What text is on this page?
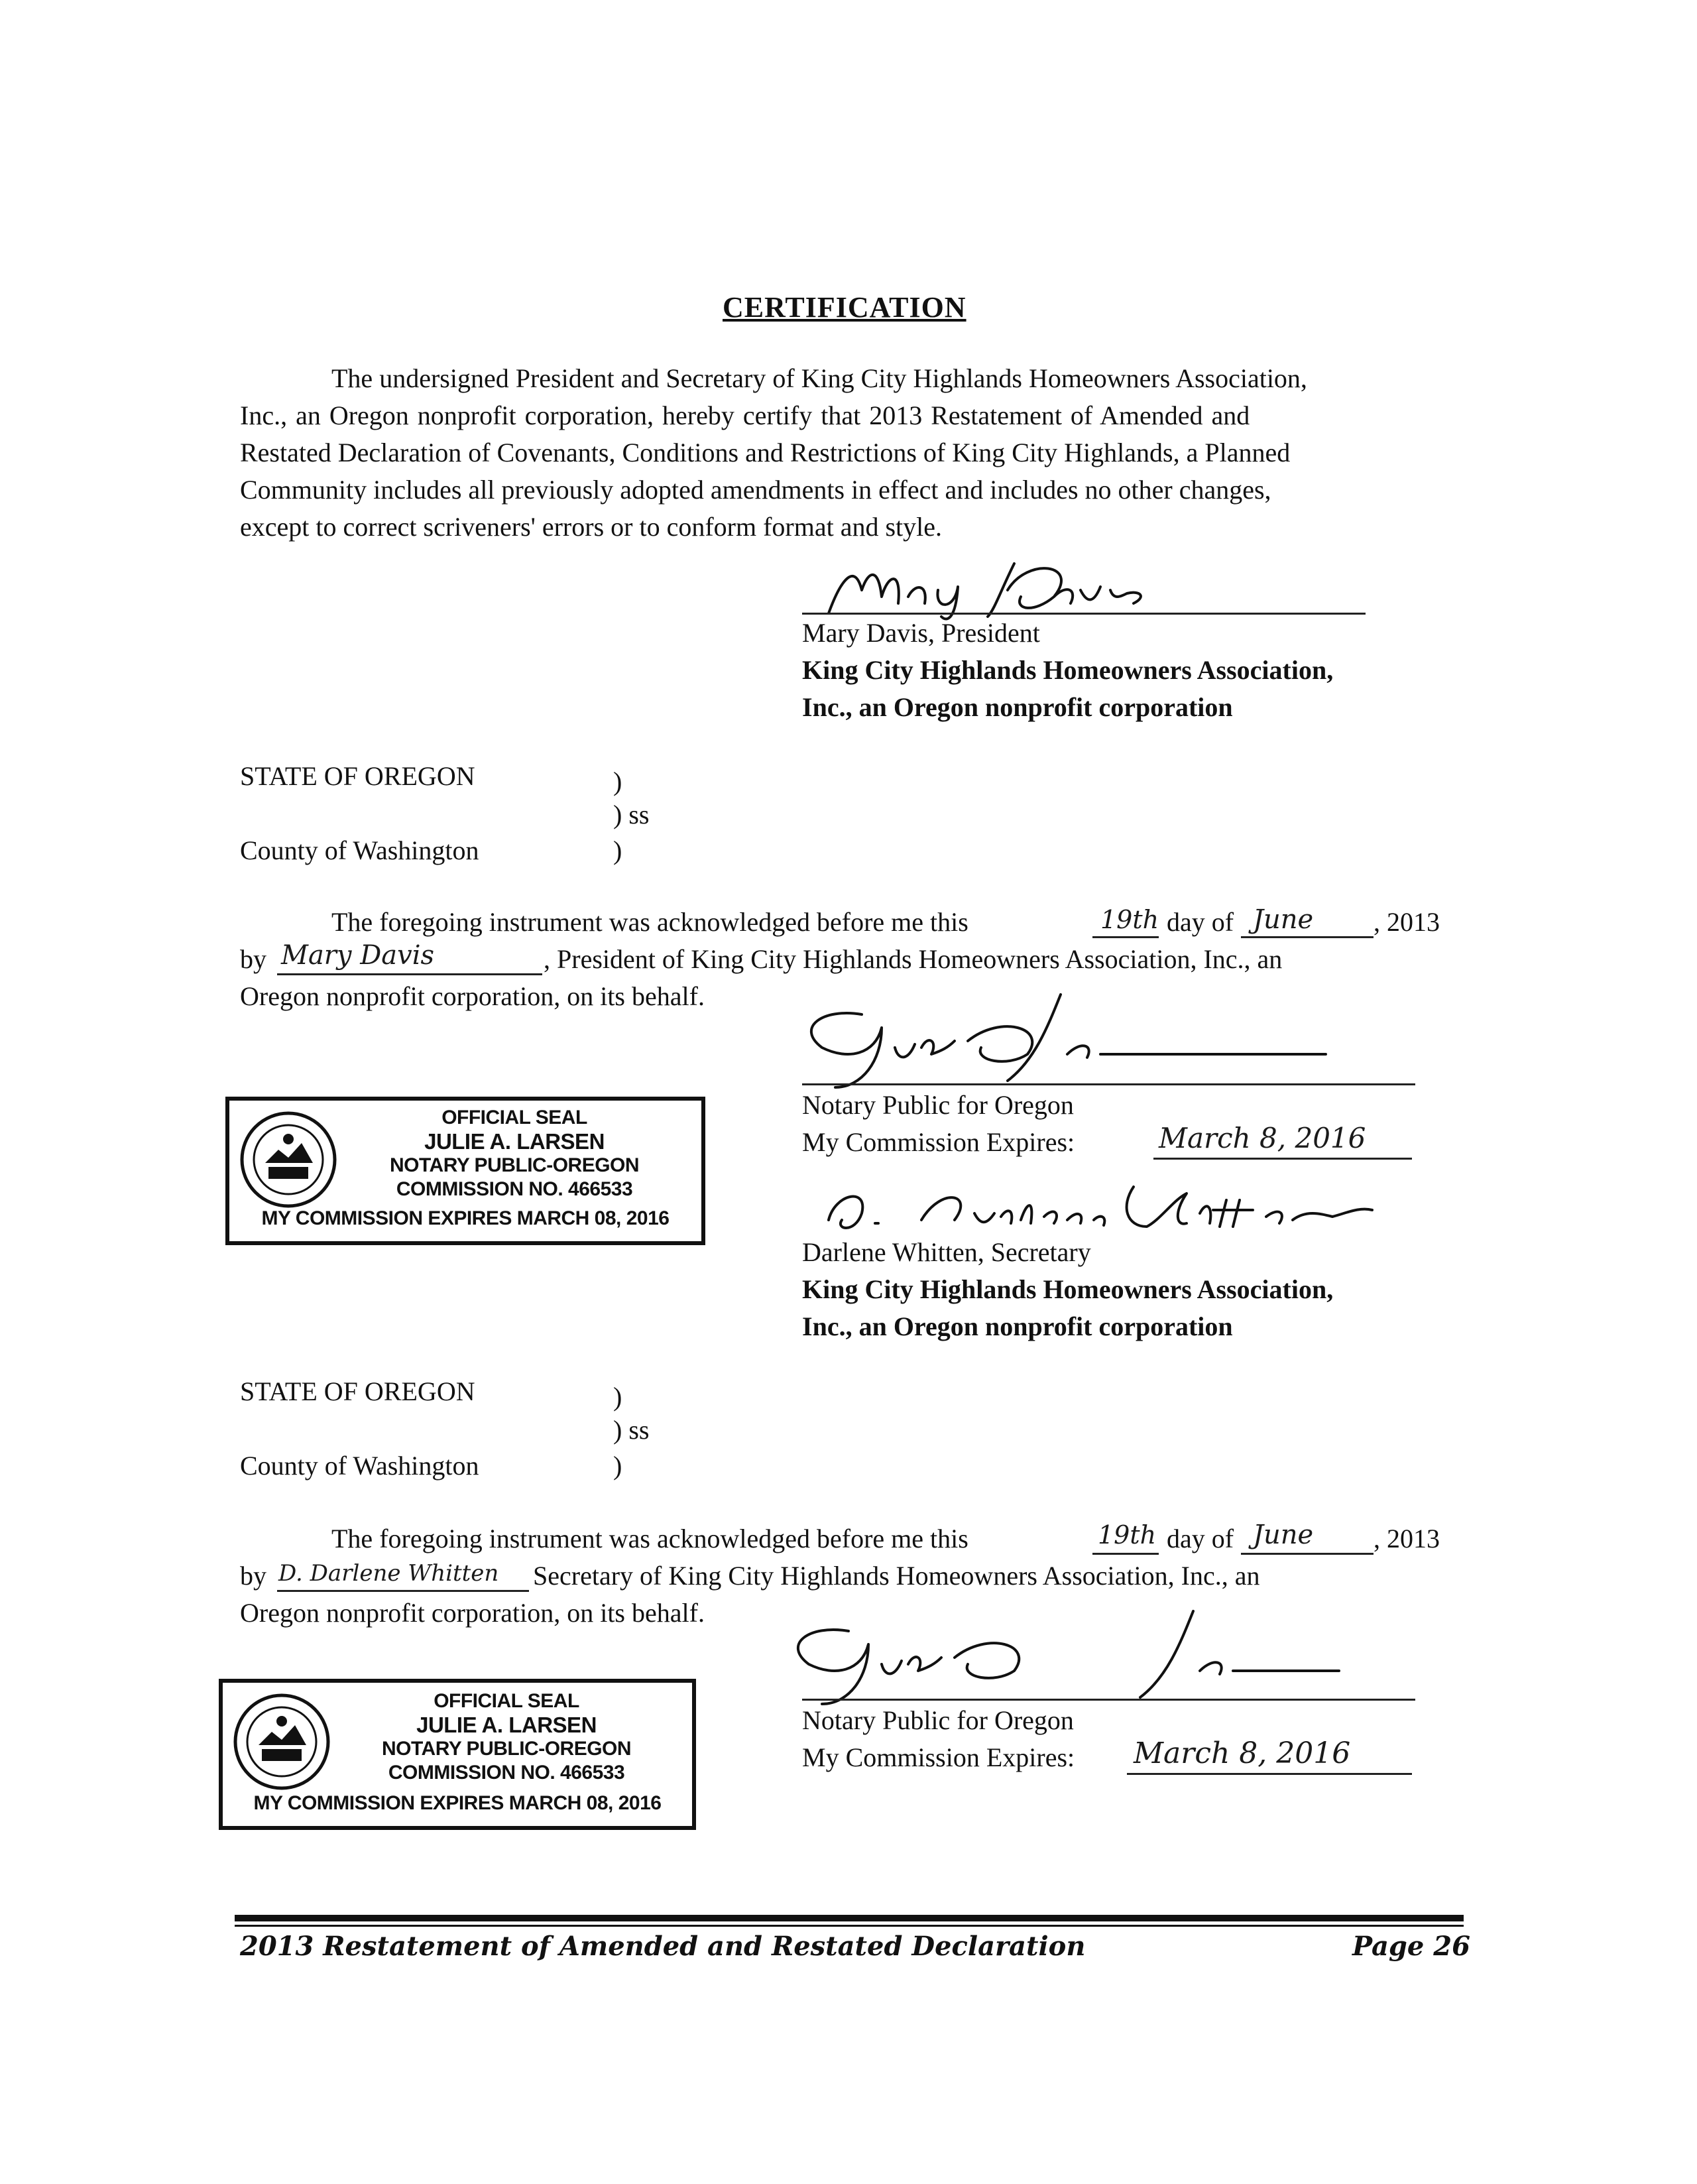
CERTIFICATION
The undersigned President and Secretary of King City Highlands Homeowners Association,
Inc., an Oregon nonprofit corporation, hereby certify that 2013 Restatement of Amended and
Restated Declaration of Covenants, Conditions and Restrictions of King City Highlands, a Planned
Community includes all previously adopted amendments in effect and includes no other changes,
except to correct scriveners' errors or to conform format and style.
Mary Davis, President
King City Highlands Homeowners Association,
Inc., an Oregon nonprofit corporation
STATE OF OREGON	)
) ss
County of Washington	)
The foregoing instrument was acknowledged before me this	19th day of June , 2013
by Mary Davis	, President of King City Highlands Homeowners Association, Inc., an
Oregon nonprofit corporation, on its behalf.
Notary Public for Oregon
My Commission Expires:	March 8, 2016
OFFICIAL SEAL
JULIE A. LARSEN
NOTARY PUBLIC-OREGON
COMMISSION NO. 466533
MY COMMISSION EXPIRES MARCH 08, 2016
Darlene Whitten, Secretary
King City Highlands Homeowners Association,
Inc., an Oregon nonprofit corporation
STATE OF OREGON	)
) ss
County of Washington	)
The foregoing instrument was acknowledged before me this	19th day of June , 2013
by D. Darlene Whitten Secretary of King City Highlands Homeowners Association, Inc., an
Oregon nonprofit corporation, on its behalf.
Notary Public for Oregon
My Commission Expires: March 8, 2016
OFFICIAL SEAL
JULIE A. LARSEN
NOTARY PUBLIC-OREGON
COMMISSION NO. 466533
MY COMMISSION EXPIRES MARCH 08, 2016
2013 Restatement of Amended and Restated Declaration	Page 26
